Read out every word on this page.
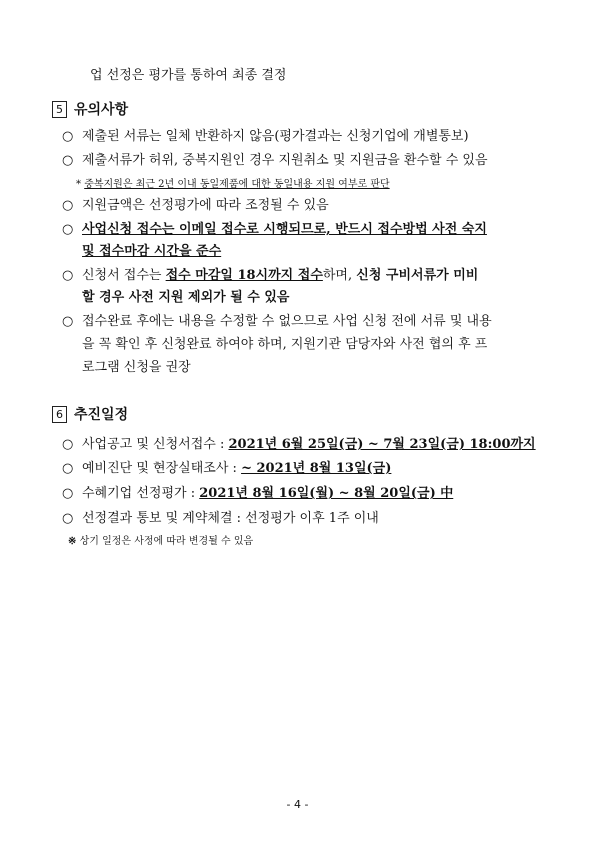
업 선정은 평가를 통하여 최종 결정
5 유의사항
○ 제출된 서류는 일체 반환하지 않음(평가결과는 신청기업에 개별통보)
○ 제출서류가 허위, 중복지원인 경우 지원취소 및 지원금을 환수할 수 있음
* 중복지원은 최근 2년 이내 동일제품에 대한 동일내용 지원 여부로 판단
○ 지원금액은 선정평가에 따라 조정될 수 있음
○ 사업신청 접수는 이메일 접수로 시행되므로, 반드시 접수방법 사전 숙지
및 접수마감 시간을 준수
○ 신청서 접수는 접수 마감일 18시까지 접수하며, 신청 구비서류가 미비
할 경우 사전 지원 제외가 될 수 있음
○ 접수완료 후에는 내용을 수정할 수 없으므로 사업 신청 전에 서류 및 내용
을 꼭 확인 후 신청완료 하여야 하며, 지원기관 담당자와 사전 협의 후 프
로그램 신청을 권장
6 추진일정
○ 사업공고 및 신청서접수 : 2021년 6월 25일(금) ~ 7월 23일(금) 18:00까지
○ 예비진단 및 현장실태조사 : ~ 2021년 8월 13일(금)
○ 수혜기업 선정평가 : 2021년 8월 16일(월) ~ 8월 20일(금) 中
○ 선정결과 통보 및 계약체결 : 선정평가 이후 1주 이내
※ 상기 일정은 사정에 따라 변경될 수 있음
- 4 -
